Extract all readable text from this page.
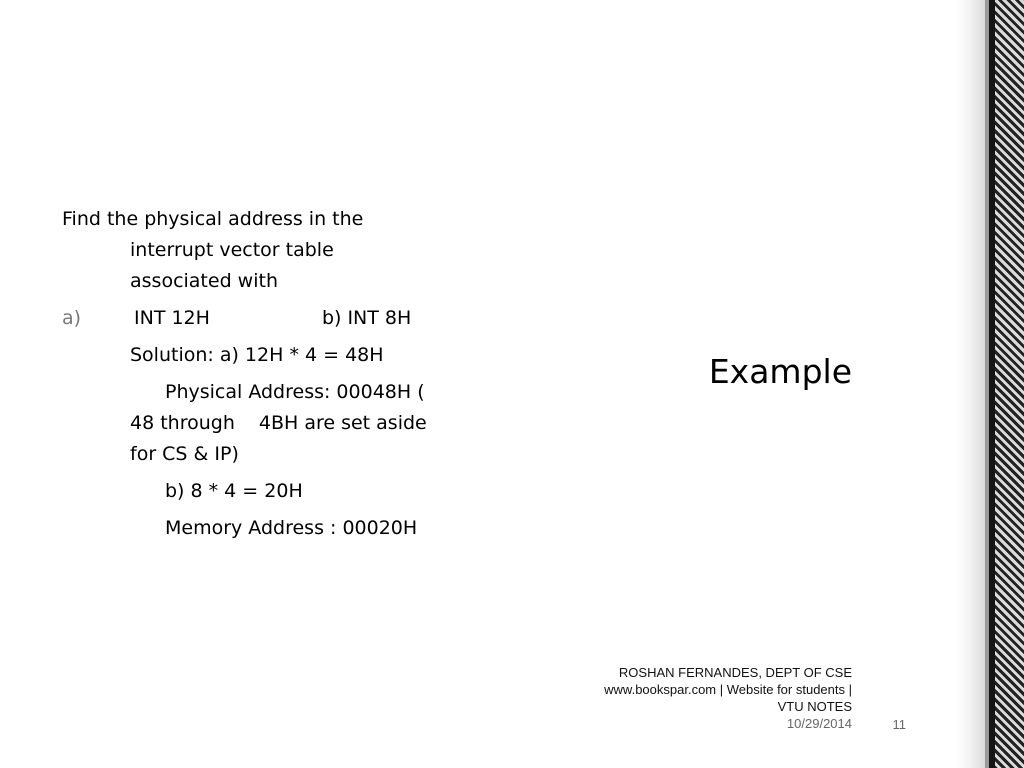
Find the physical address in the
interrupt vector table
associated with
a)	INT 12H	b) INT 8H
Solution: a) 12H * 4 = 48H
Physical Address: 00048H (
48 through 4BH are set aside
for CS & IP)
b) 8 * 4 = 20H
Memory Address : 00020H
Example
ROSHAN FERNANDES, DEPT OF CSE
www.bookspar.com | Website for students |
VTU NOTES
10/29/2014	11
